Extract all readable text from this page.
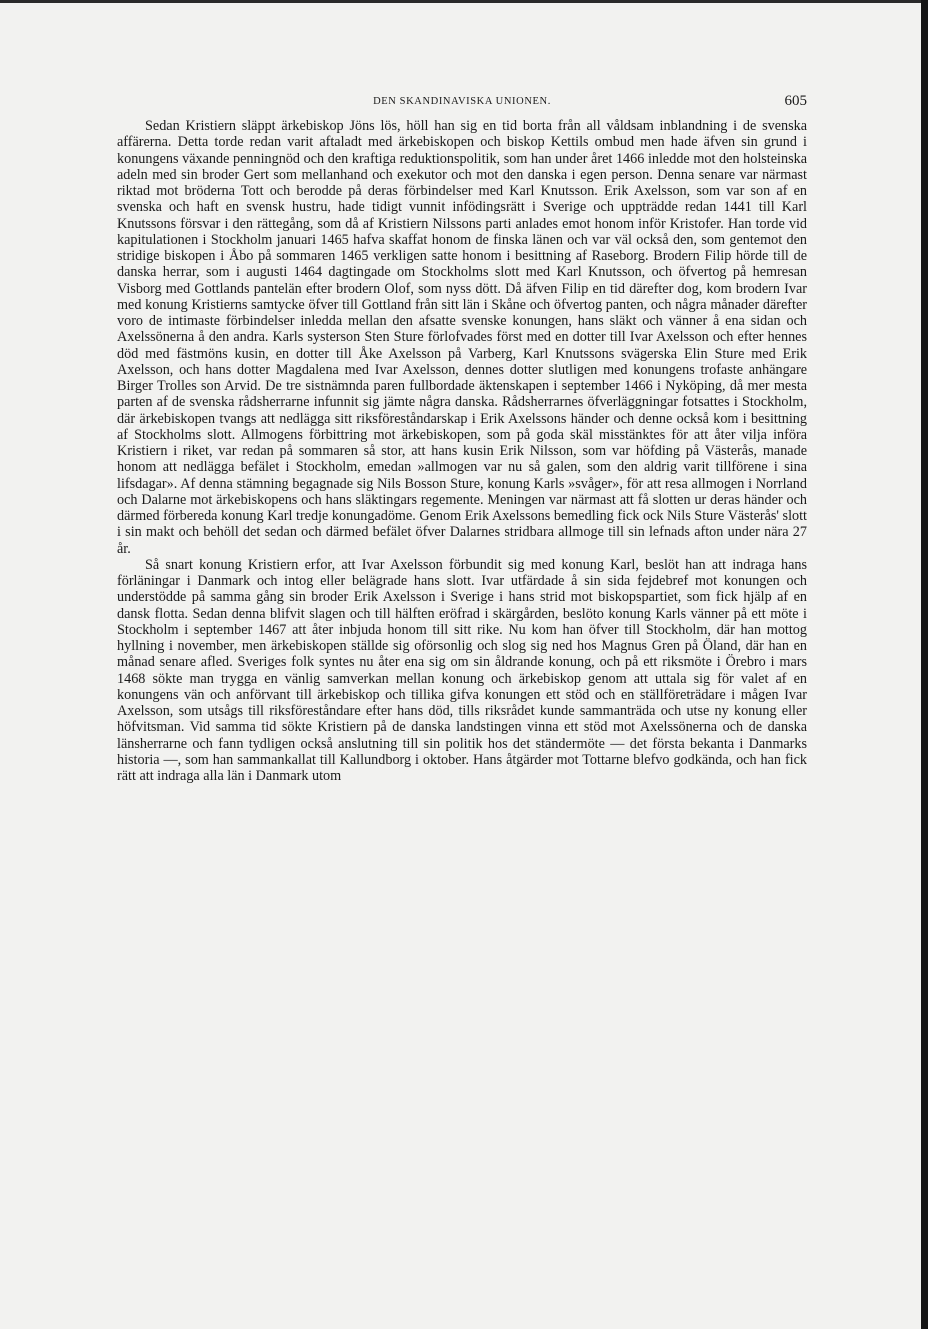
DEN SKANDINAVISKA UNIONEN.	605

Sedan Kristiern släppt ärkebiskop Jöns lös, höll han sig en tid borta från all våldsam inblandning i de svenska affärerna. Detta torde redan varit aftaladt med ärkebiskopen och biskop Kettils ombud men hade äfven sin grund i konungens växande penningnöd och den kraftiga reduktionspolitik, som han under året 1466 inledde mot den holsteinska adeln med sin broder Gert som mellanhand och exekutor och mot den danska i egen person. Denna senare var närmast riktad mot bröderna Tott och berodde på deras förbindelser med Karl Knutsson. Erik Axelsson, som var son af en svenska och haft en svensk hustru, hade tidigt vunnit infödingsrätt i Sverige och uppträdde redan 1441 till Karl Knutssons försvar i den rättegång, som då af Kristiern Nilssons parti anlades emot honom inför Kristofer. Han torde vid kapitulationen i Stockholm januari 1465 hafva skaffat honom de finska länen och var väl också den, som gentemot den stridige biskopen i Åbo på sommaren 1465 verkligen satte honom i besittning af Raseborg. Brodern Filip hörde till de danska herrar, som i augusti 1464 dagtingade om Stockholms slott med Karl Knutsson, och öfvertog på hemresan Visborg med Gottlands pantelän efter brodern Olof, som nyss dött. Då äfven Filip en tid därefter dog, kom brodern Ivar med konung Kristierns samtycke öfver till Gottland från sitt län i Skåne och öfvertog panten, och några månader därefter voro de intimaste förbindelser inledda mellan den afsatte svenske konungen, hans släkt och vänner å ena sidan och Axelssönerna å den andra. Karls systerson Sten Sture förlofvades först med en dotter till Ivar Axelsson och efter hennes död med fästmöns kusin, en dotter till Åke Axelsson på Varberg, Karl Knutssons svägerska Elin Sture med Erik Axelsson, och hans dotter Magdalena med Ivar Axelsson, dennes dotter slutligen med konungens trofaste anhängare Birger Trolles son Arvid. De tre sistnämnda paren fullbordade äktenskapen i september 1466 i Nyköping, då mer mesta parten af de svenska rådsherrarne infunnit sig jämte några danska. Rådsherrarnes öfverläggningar fotsattes i Stockholm, där ärkebiskopen tvangs att nedlägga sitt riksföreståndarskap i Erik Axelssons händer och denne också kom i besittning af Stockholms slott. Allmogens förbittring mot ärkebiskopen, som på goda skäl misstänktes för att åter vilja införa Kristiern i riket, var redan på sommaren så stor, att hans kusin Erik Nilsson, som var höfding på Västerås, manade honom att nedlägga befälet i Stockholm, emedan »allmogen var nu så galen, som den aldrig varit tillförene i sina lifsdagar». Af denna stämning begagnade sig Nils Bosson Sture, konung Karls »svåger», för att resa allmogen i Norrland och Dalarne mot ärkebiskopens och hans släktingars regemente. Meningen var närmast att få slotten ur deras händer och därmed förbereda konung Karl tredje konungadöme. Genom Erik Axelssons bemedling fick ock Nils Sture Västerås' slott i sin makt och behöll det sedan och därmed befälet öfver Dalarnes stridbara allmoge till sin lefnads afton under nära 27 år.

Så snart konung Kristiern erfor, att Ivar Axelsson förbundit sig med konung Karl, beslöt han att indraga hans förläningar i Danmark och intog eller belägrade hans slott. Ivar utfärdade å sin sida fejdebref mot konungen och understödde på samma gång sin broder Erik Axelsson i Sverige i hans strid mot biskopspartiet, som fick hjälp af en dansk flotta. Sedan denna blifvit slagen och till hälften eröfrad i skärgården, beslöto konung Karls vänner på ett möte i Stockholm i september 1467 att åter inbjuda honom till sitt rike. Nu kom han öfver till Stockholm, där han mottog hyllning i november, men ärkebiskopen ställde sig oförsonlig och slog sig ned hos Magnus Gren på Öland, där han en månad senare afled. Sveriges folk syntes nu åter ena sig om sin åldrande konung, och på ett riksmöte i Örebro i mars 1468 sökte man trygga en vänlig samverkan mellan konung och ärkebiskop genom att uttala sig för valet af en konungens vän och anförvant till ärkebiskop och tillika gifva konungen ett stöd och en ställföreträdare i mågen Ivar Axelsson, som utsågs till riksföreståndare efter hans död, tills riksrådet kunde sammanträda och utse ny konung eller höfvitsman. Vid samma tid sökte Kristiern på de danska landstingen vinna ett stöd mot Axelssönerna och de danska länsherrarne och fann tydligen också anslutning till sin politik hos det ständermöte — det första bekanta i Danmarks historia —, som han sammankallat till Kallundborg i oktober. Hans åtgärder mot Tottarne blefvo godkända, och han fick rätt att indraga alla län i Danmark utom
